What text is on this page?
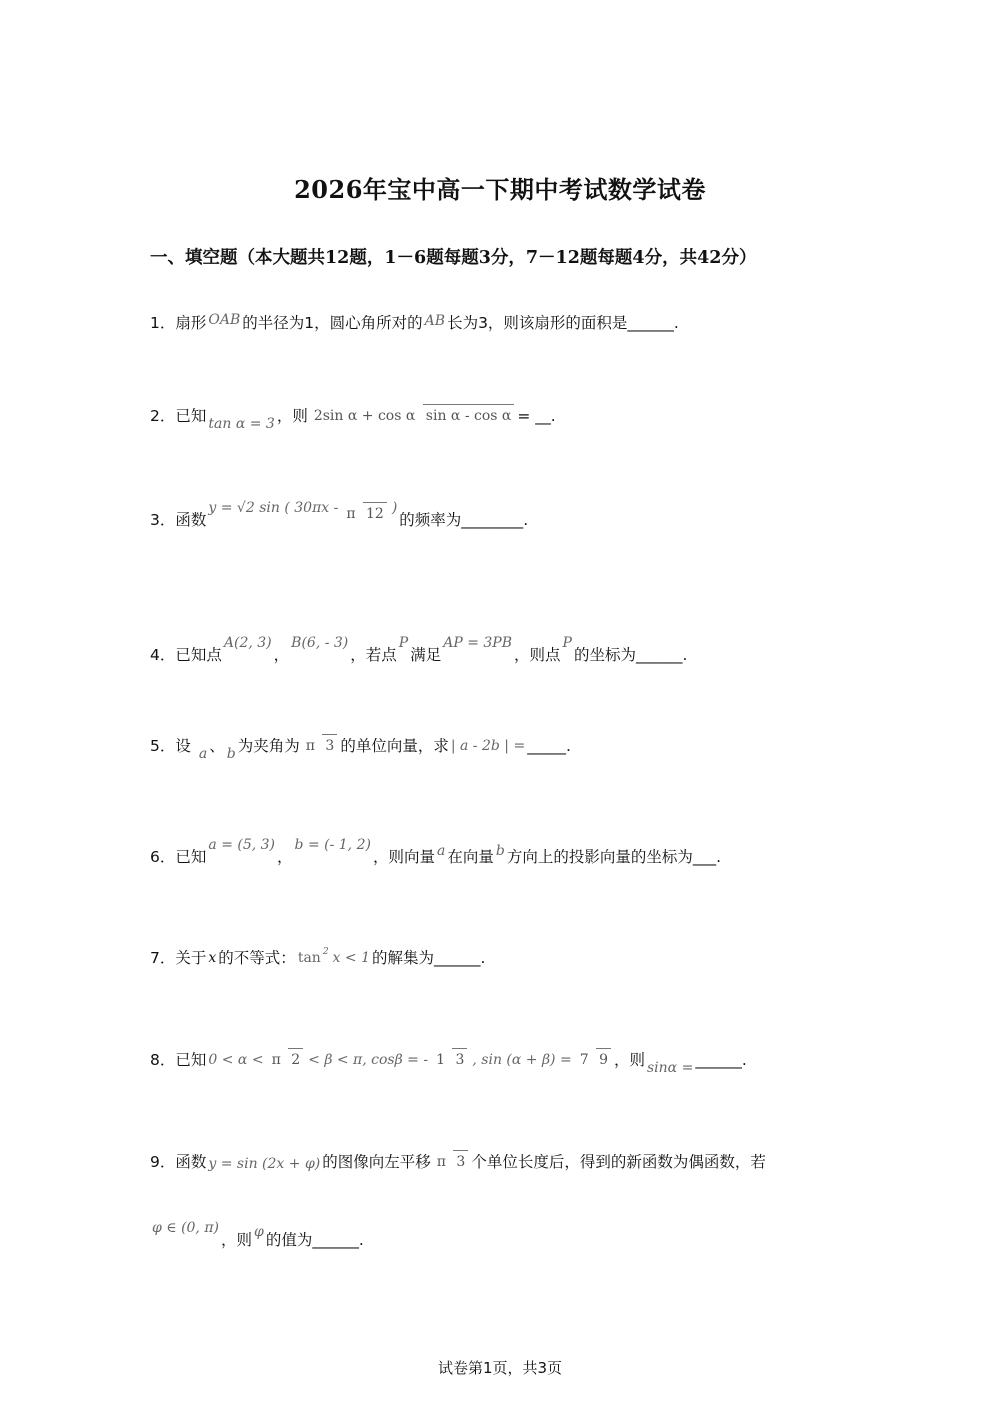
2026年宝中高一下期中考试数学试卷
一、填空题（本大题共12题，1－6题每题3分，7－12题每题4分，共42分）
1． 扇形 OAB 的半径为1，圆心角所对的 AB 长为3，则该扇形的面积是______.
2． 已知 tan α = 3 ，则 2sin α + cos α sin α - cos α = __.
3． 函数
y = √2 sin ( 30πx - π 12 )
的频率为________.
4． 已知点
A(2, 3)
，
B(6, - 3)
，若点
P
满足
AP = 3PB
，则点
P
的坐标为______.
5． 设 a 、 b 为夹角为 π 3 的单位向量，求 | a - 2b | = _____.
6． 已知
a = (5, 3)
，
b = (- 1, 2)
，则向量 a 在向量 b 方向上的投影向量的坐标为___.
7． 关于 x 的不等式： tan 2 x < 1 的解集为______.
8． 已知 0 < α < π 2 < β < π, cosβ = - 1 3 , sin (α + β) = 7 9 ，则 sinα = ______.
9． 函数 y = sin (2x + φ) 的图像向左平移 π 3 个单位长度后，得到的新函数为偶函数，若
φ ∈ (0, π)
，则 φ 的值为______.
试卷第1页，共3页
